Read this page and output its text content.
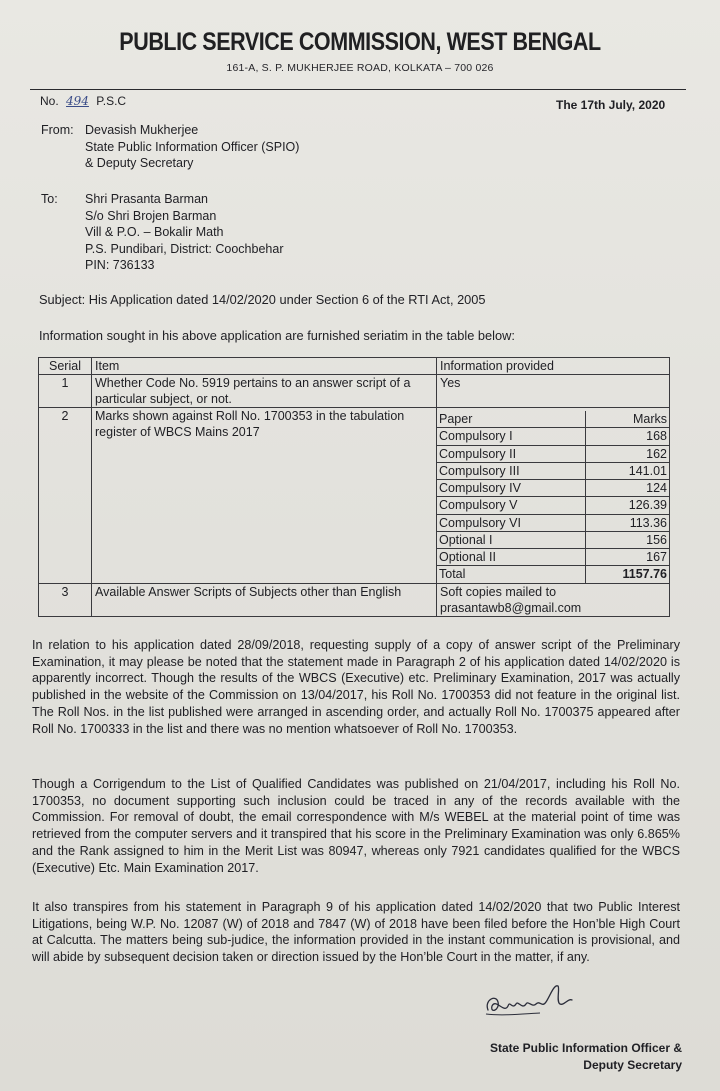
PUBLIC SERVICE COMMISSION, WEST BENGAL
161-A, S. P. MUKHERJEE ROAD, KOLKATA – 700 026
No. 494 P.S.C	The 17th July, 2020
From: Devasish Mukherjee
State Public Information Officer (SPIO)
& Deputy Secretary
To: Shri Prasanta Barman
S/o Shri Brojen Barman
Vill & P.O. – Bokalir Math
P.S. Pundibari, District: Coochbehar
PIN: 736133
Subject: His Application dated 14/02/2020 under Section 6 of the RTI Act, 2005
Information sought in his above application are furnished seriatim in the table below:
Serial	Item	Information provided
1	Whether Code No. 5919 pertains to an answer script of a particular subject, or not.	Yes
2	Marks shown against Roll No. 1700353 in the tabulation register of WBCS Mains 2017	
Paper	Marks
Compulsory I	168
Compulsory II	162
Compulsory III	141.01
Compulsory IV	124
Compulsory V	126.39
Compulsory VI	113.36
Optional I	156
Optional II	167
Total	1157.76

3	Available Answer Scripts of Subjects other than English	Soft copies mailed to
prasantawb8@gmail.com
In relation to his application dated 28/09/2018, requesting supply of a copy of answer script of the Preliminary Examination, it may please be noted that the statement made in Paragraph 2 of his application dated 14/02/2020 is apparently incorrect. Though the results of the WBCS (Executive) etc. Preliminary Examination, 2017 was actually published in the website of the Commission on 13/04/2017, his Roll No. 1700353 did not feature in the original list. The Roll Nos. in the list published were arranged in ascending order, and actually Roll No. 1700375 appeared after Roll No. 1700333 in the list and there was no mention whatsoever of Roll No. 1700353.
Though a Corrigendum to the List of Qualified Candidates was published on 21/04/2017, including his Roll No. 1700353, no document supporting such inclusion could be traced in any of the records available with the Commission. For removal of doubt, the email correspondence with M/s WEBEL at the material point of time was retrieved from the computer servers and it transpired that his score in the Preliminary Examination was only 6.865% and the Rank assigned to him in the Merit List was 80947, whereas only 7921 candidates qualified for the WBCS (Executive) Etc. Main Examination 2017.
It also transpires from his statement in Paragraph 9 of his application dated 14/02/2020 that two Public Interest Litigations, being W.P. No. 12087 (W) of 2018 and 7847 (W) of 2018 have been filed before the Hon’ble High Court at Calcutta. The matters being sub-judice, the information provided in the instant communication is provisional, and will abide by subsequent decision taken or direction issued by the Hon’ble Court in the matter, if any.
State Public Information Officer &
Deputy Secretary
